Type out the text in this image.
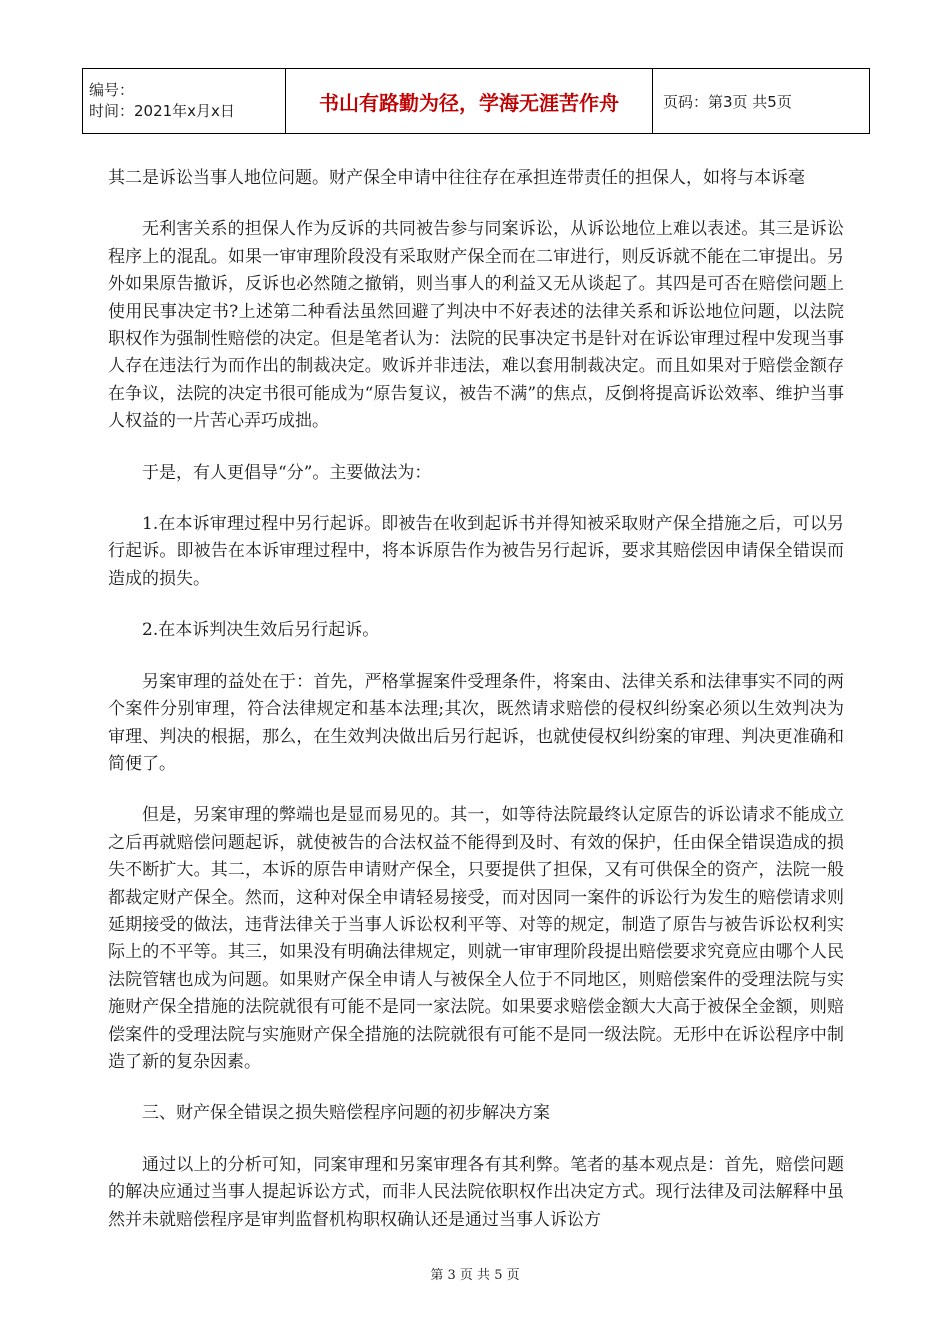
编号：
时间：2021年x月x日	书山有路勤为径，学海无涯苦作舟	页码：第3页 共5页

其二是诉讼当事人地位问题。财产保全申请中往往存在承担连带责任的担保人，如将与本诉毫

无利害关系的担保人作为反诉的共同被告参与同案诉讼，从诉讼地位上难以表述。其三是诉讼程序上的混乱。如果一审审理阶段没有采取财产保全而在二审进行，则反诉就不能在二审提出。另外如果原告撤诉，反诉也必然随之撤销，则当事人的利益又无从谈起了。其四是可否在赔偿问题上使用民事决定书?上述第二种看法虽然回避了判决中不好表述的法律关系和诉讼地位问题，以法院职权作为强制性赔偿的决定。但是笔者认为：法院的民事决定书是针对在诉讼审理过程中发现当事人存在违法行为而作出的制裁决定。败诉并非违法，难以套用制裁决定。而且如果对于赔偿金额存在争议，法院的决定书很可能成为“原告复议，被告不满”的焦点，反倒将提高诉讼效率、维护当事人权益的一片苦心弄巧成拙。

于是，有人更倡导“分”。主要做法为：

1.在本诉审理过程中另行起诉。即被告在收到起诉书并得知被采取财产保全措施之后，可以另行起诉。即被告在本诉审理过程中，将本诉原告作为被告另行起诉，要求其赔偿因申请保全错误而造成的损失。

2.在本诉判决生效后另行起诉。

另案审理的益处在于：首先，严格掌握案件受理条件，将案由、法律关系和法律事实不同的两个案件分别审理，符合法律规定和基本法理;其次，既然请求赔偿的侵权纠纷案必须以生效判决为审理、判决的根据，那么，在生效判决做出后另行起诉，也就使侵权纠纷案的审理、判决更准确和简便了。

但是，另案审理的弊端也是显而易见的。其一，如等待法院最终认定原告的诉讼请求不能成立之后再就赔偿问题起诉，就使被告的合法权益不能得到及时、有效的保护，任由保全错误造成的损失不断扩大。其二，本诉的原告申请财产保全，只要提供了担保，又有可供保全的资产，法院一般都裁定财产保全。然而，这种对保全申请轻易接受，而对因同一案件的诉讼行为发生的赔偿请求则延期接受的做法，违背法律关于当事人诉讼权利平等、对等的规定，制造了原告与被告诉讼权利实际上的不平等。其三，如果没有明确法律规定，则就一审审理阶段提出赔偿要求究竟应由哪个人民法院管辖也成为问题。如果财产保全申请人与被保全人位于不同地区，则赔偿案件的受理法院与实施财产保全措施的法院就很有可能不是同一家法院。如果要求赔偿金额大大高于被保全金额，则赔偿案件的受理法院与实施财产保全措施的法院就很有可能不是同一级法院。无形中在诉讼程序中制造了新的复杂因素。

三、财产保全错误之损失赔偿程序问题的初步解决方案

通过以上的分析可知，同案审理和另案审理各有其利弊。笔者的基本观点是：首先，赔偿问题的解决应通过当事人提起诉讼方式，而非人民法院依职权作出决定方式。现行法律及司法解释中虽然并未就赔偿程序是审判监督机构职权确认还是通过当事人诉讼方

第 3 页 共 5 页
